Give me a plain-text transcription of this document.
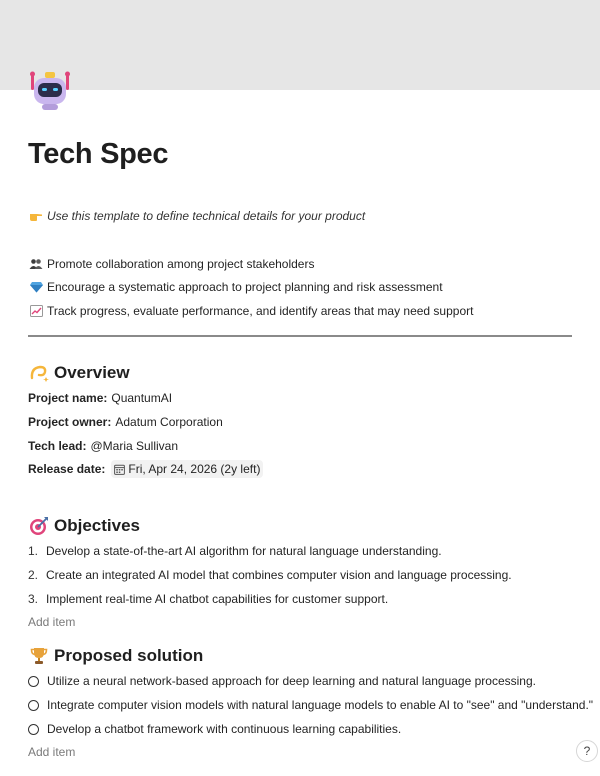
Tech Spec
Use this template to define technical details for your product
Promote collaboration among project stakeholders
Encourage a systematic approach to project planning and risk assessment
Track progress, evaluate performance, and identify areas that may need support
Overview
Project name: QuantumAI
Project owner: Adatum Corporation
Tech lead: @Maria Sullivan
Release date: Fri, Apr 24, 2026 (2y left)
Objectives
1. Develop a state-of-the-art AI algorithm for natural language understanding.
2. Create an integrated AI model that combines computer vision and language processing.
3. Implement real-time AI chatbot capabilities for customer support.
Add item
Proposed solution
Utilize a neural network-based approach for deep learning and natural language processing.
Integrate computer vision models with natural language models to enable AI to "see" and "understand."
Develop a chatbot framework with continuous learning capabilities.
Add item	?
